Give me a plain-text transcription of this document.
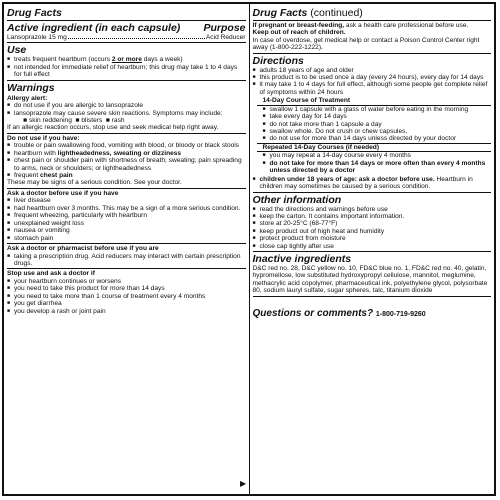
Drug Facts

Active ingredient (in each capsule) Purpose

Lansoprazole 15 mg	Acid Reducer

Use

■ treats frequent heartburn (occurs 2 or more days a week)
■ not intended for immediate relief of heartburn; this drug may take 1 to 4 days for full effect

Warnings

Allergy alert:

■ do not use if you are allergic to lansoprazole
■ lansoprazole may cause severe skin reactions. Symptoms may include:
■ skin reddening  ■ blisters  ■ rash

If an allergic reaction occurs, stop use and seek medical help right away.

Do not use if you have:

■ trouble or pain swallowing food, vomiting with blood, or bloody or black stools
■ heartburn with lightheadedness, sweating or dizziness
■ chest pain or shoulder pain with shortness of breath; sweating; pain spreading to arms, neck or shoulders; or lightheadedness
■ frequent chest pain

These may be signs of a serious condition. See your doctor.

Ask a doctor before use if you have

■ liver disease
■ had heartburn over 3 months. This may be a sign of a more serious condition.
■ frequent wheezing, particularly with heartburn
■ unexplained weight loss
■ nausea or vomiting
■ stomach pain

Ask a doctor or pharmacist before use if you are

■ taking a prescription drug. Acid reducers may interact with certain prescription drugs.

Stop use and ask a doctor if

■ your heartburn continues or worsens
■ you need to take this product for more than 14 days
■ you need to take more than 1 course of treatment every 4 months
■ you get diarrhea
■ you develop a rash or joint pain
▶

Drug Facts (continued)

If pregnant or breast-feeding, ask a health care professional before use.

Keep out of reach of children.

In case of overdose, get medical help or contact a Poison Control Center right away (1-800-222-1222).

Directions

■ adults 18 years of age and older
■ this product is to be used once a day (every 24 hours), every day for 14 days
■ it may take 1 to 4 days for full effect, although some people get complete relief of symptoms within 24 hours
14-Day Course of Treatment
■ swallow 1 capsule with a glass of water before eating in the morning
■ take every day for 14 days
■ do not take more than 1 capsule a day
■ swallow whole. Do not crush or chew capsules.
■ do not use for more than 14 days unless directed by your doctor
Repeated 14-Day Courses (if needed)
■ you may repeat a 14-day course every 4 months
■ do not take for more than 14 days or more often than every 4 months unless directed by a doctor
■ children under 18 years of age: ask a doctor before use. Heartburn in children may sometimes be caused by a serious condition.

Other information

■ read the directions and warnings before use
■ keep the carton. It contains important information.
■ store at 20-25°C (68-77°F)
■ keep product out of high heat and humidity
■ protect product from moisture
■ close cap tightly after use

Inactive ingredients

D&C red no. 28, D&C yellow no. 10, FD&C blue no. 1, FD&C red no. 40, gelatin, hypromellose, low substituted hydroxypropyl cellulose, mannitol, meglumine, methacrylic acid copolymer, pharmaceutical ink, polyethylene glycol, polysorbate 80, sodium lauryl sulfate, sugar spheres, talc, titanium dioxide

Questions or comments? 1-800-719-9260
